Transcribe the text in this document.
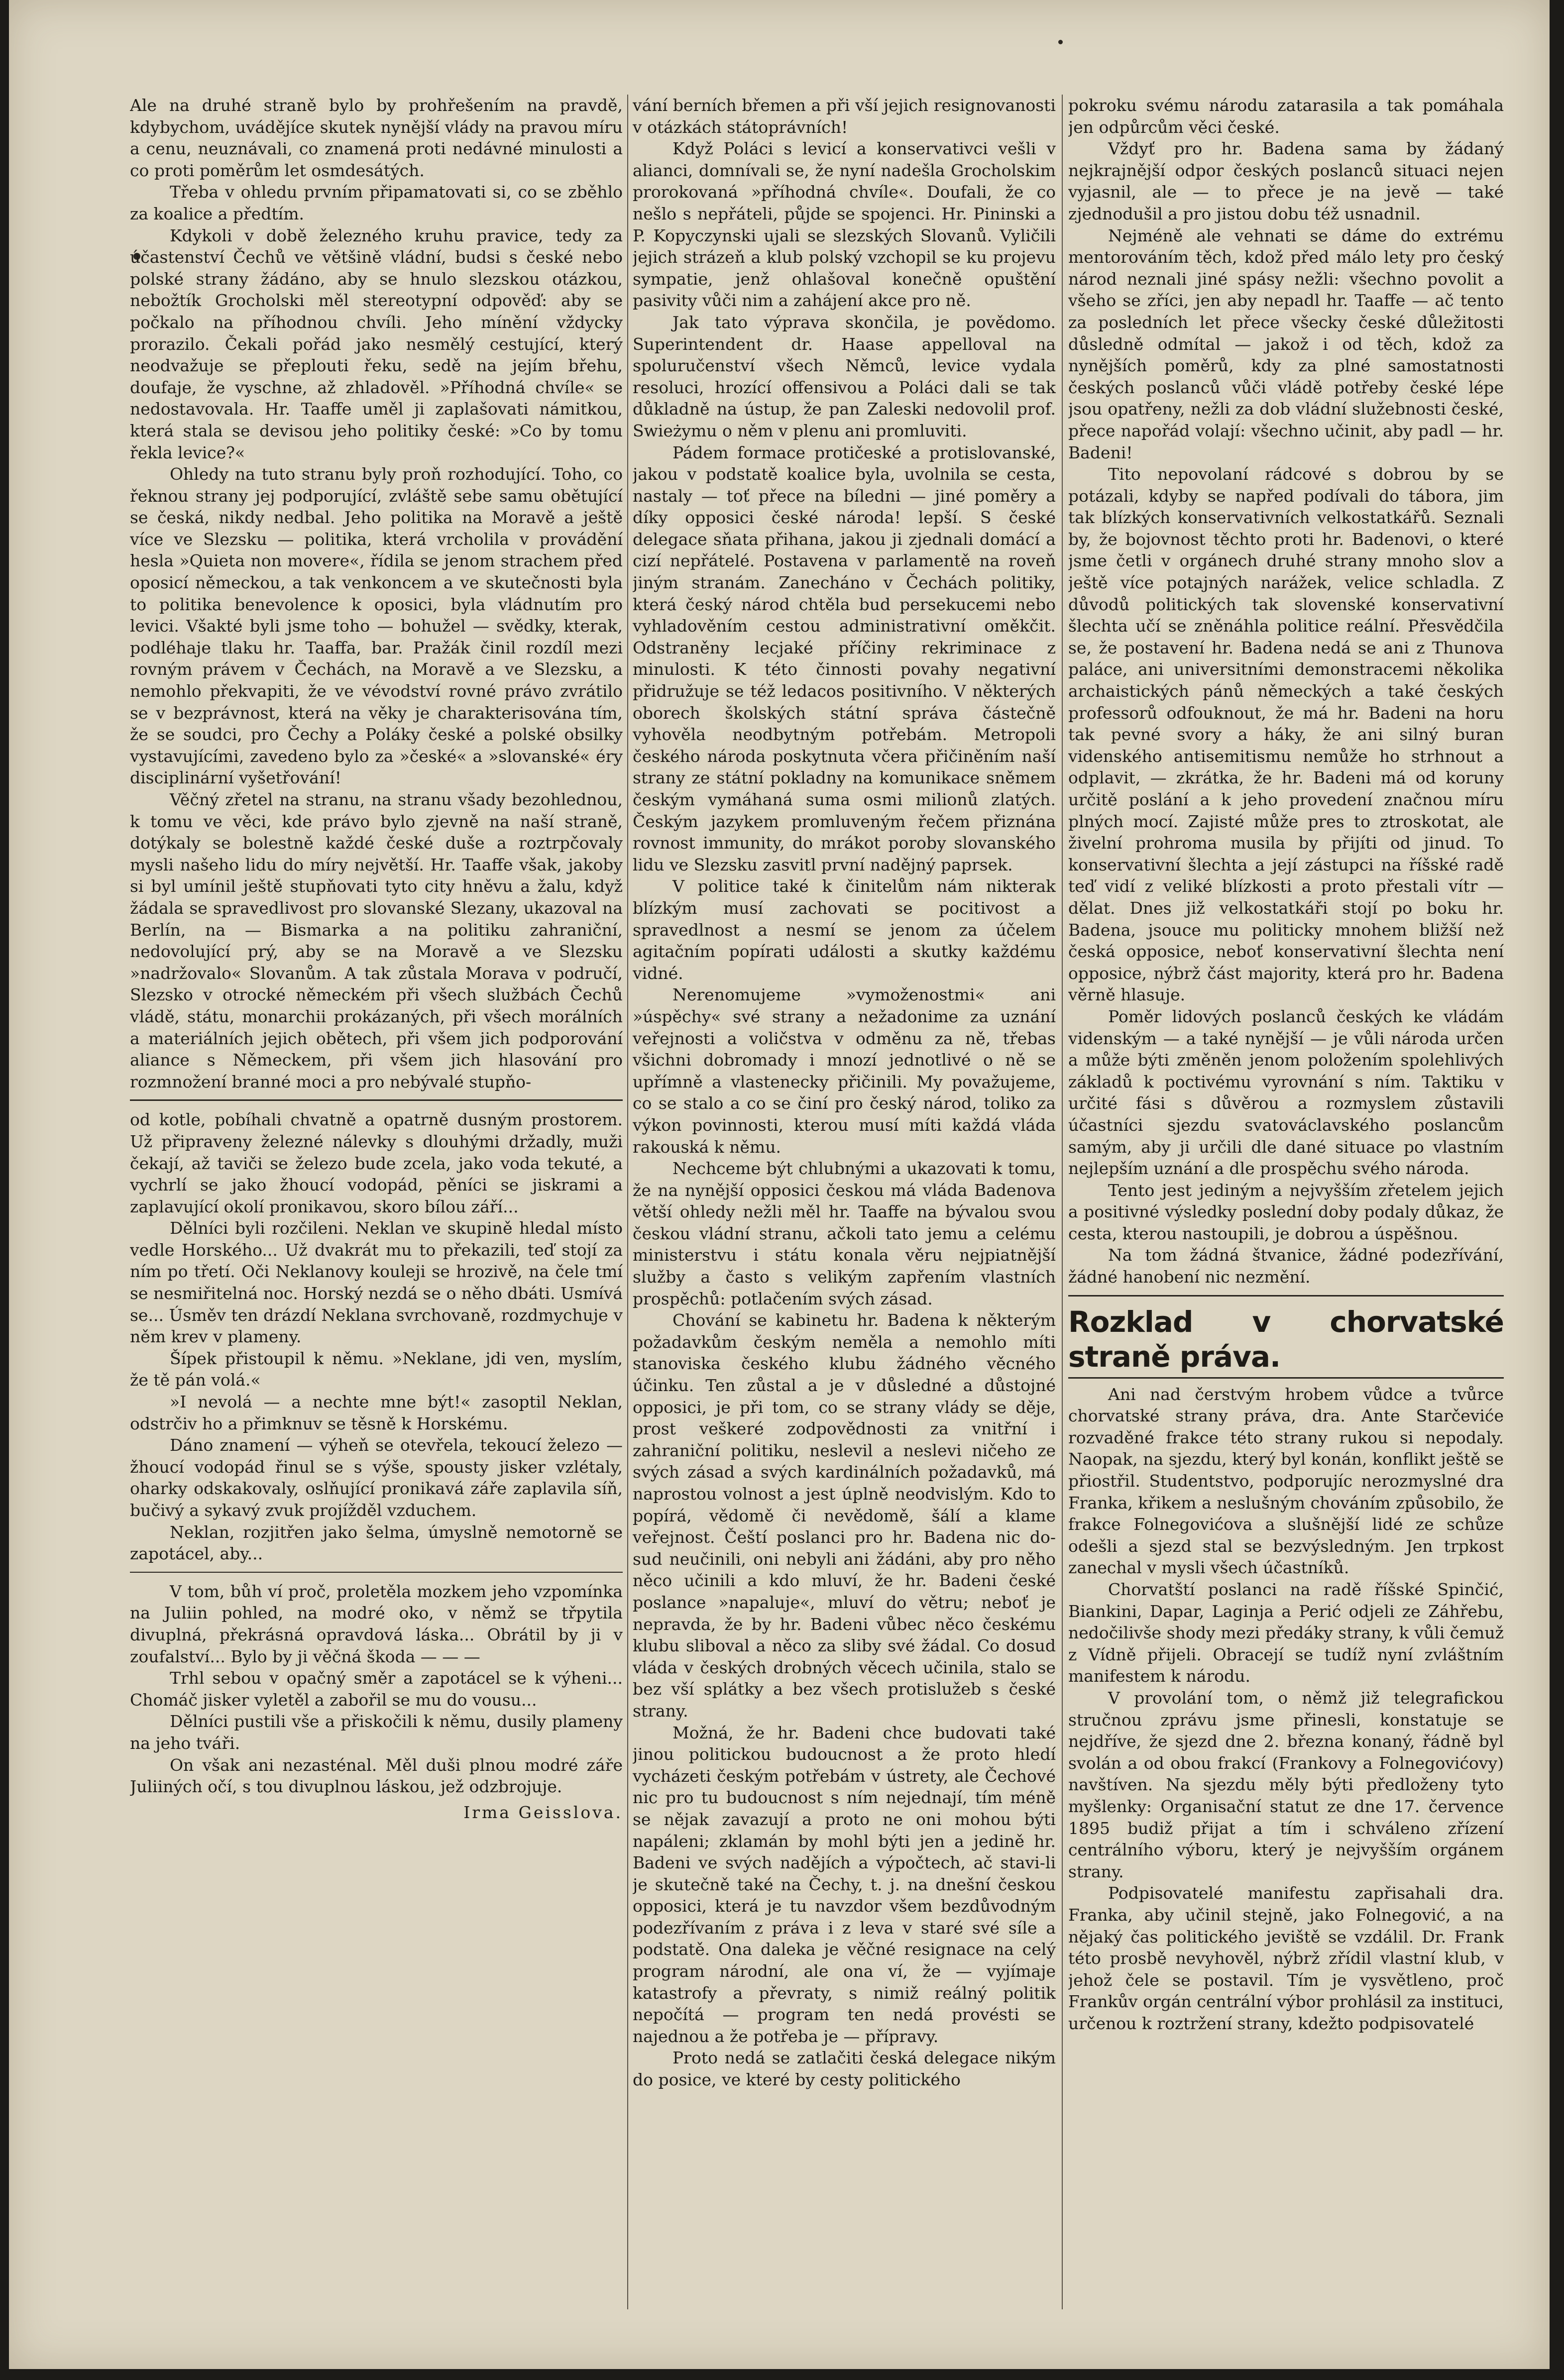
Ale na druhé straně bylo by prohřešením na pravdě, kdybychom, uvádějíce skutek nynější vlády na pravou míru a cenu, neuznávali, co znamená proti nedávné minulosti a co proti poměrům let osmdesátých.

Třeba v ohledu prvním připamatovati si, co se zběhlo za koalice a předtím.

Kdykoli v době železného kruhu pravice, tedy za účastenství Čechů ve většině vládní, budsi s české nebo polské strany žádáno, aby se hnulo slezskou otázkou, nebožtík Grocholski měl stereotypní odpověď: aby se počkalo na příhodnou chvíli. Jeho mínění vždycky prorazilo. Čekali pořád jako nesmělý cestující, který neodvažuje se přeplouti řeku, sedě na jejím břehu, doufaje, že vyschne, až zhladověl. »Příhodná chvíle« se nedostavovala. Hr. Taaffe uměl ji zaplašovati námitkou, která stala se devisou jeho politiky české: »Co by tomu řekla levice?«

Ohledy na tuto stranu byly proň rozhodující. Toho, co řeknou strany jej podporující, zvláště sebe samu obětující se česká, nikdy nedbal. Jeho politika na Moravě a ještě více ve Slezsku — politika, která vrcholila v provádění hesla »Quieta non movere«, řídila se jenom strachem před oposicí německou, a tak venkoncem a ve skutečnosti byla to politika benevolence k oposici, byla vládnutím pro levici. Všakté byli jsme toho — bohužel — svědky, kterak, podléhaje tlaku hr. Taaffa, bar. Pražák činil rozdíl mezi rovným právem v Čechách, na Moravě a ve Slezsku, a nemohlo překvapiti, že ve vévodství rovné právo zvrátilo se v bezprávnost, která na věky je charakterisována tím, že se soudci, pro Čechy a Poláky české a polské obsilky vystavujícími, zavedeno bylo za »české« a »slovanské« éry disciplinární vyšetřování!

Věčný zřetel na stranu, na stranu všady bezohlednou, k tomu ve věci, kde právo bylo zjevně na naší straně, dotýkaly se bolestně každé české duše a roztrpčovaly mysli našeho lidu do míry největší. Hr. Taaffe však, jakoby si byl umínil ještě stupňovati tyto city hněvu a žalu, když žádala se spravedlivost pro slovanské Slezany, ukazoval na Berlín, na — Bismarka a na politiku zahraniční, nedovolující prý, aby se na Moravě a ve Slezsku »nadržovalo« Slovanům. A tak zůstala Morava v područí, Slezsko v otrocké německém při všech službách Čechů vládě, státu, monarchii prokázaných, při všech morálních a materiálních jejich obětech, při všem jich podporování aliance s Německem, při všem jich hlasování pro rozmnožení branné moci a pro nebývalé stupňo-

od kotle, pobíhali chvatně a opatrně dusným prostorem. Už připraveny železné nálevky s dlouhými držadly, muži čekají, až taviči se železo bude zcela, jako voda tekuté, a vychrlí se jako žhoucí vodopád, pěníci se jiskrami a zaplavující okolí pronikavou, skoro bílou září...

Dělníci byli rozčileni. Neklan ve skupině hledal místo vedle Horského... Už dvakrát mu to překazili, teď stojí za ním po třetí. Oči Neklanovy kouleji se hrozivě, na čele tmí se nesmiřitelná noc. Horský nezdá se o něho dbáti. Usmívá se... Úsměv ten drázdí Neklana svrchovaně, rozdmychuje v něm krev v plameny.

Šípek přistoupil k němu. »Neklane, jdi ven, myslím, že tě pán volá.«

»I nevolá — a nechte mne být!« zasoptil Neklan, odstrčiv ho a přimknuv se těsně k Horskému.

Dáno znamení — výheň se otevřela, tekoucí železo — žhoucí vodopád řinul se s výše, spousty jisker vzlétaly, oharky odskakovaly, oslňující pronikavá záře zaplavila síň, bučivý a sykavý zvuk projížděl vzduchem.

Neklan, rozjitřen jako šelma, úmyslně nemotorně se zapotácel, aby...

V tom, bůh ví proč, proletěla mozkem jeho vzpomínka na Juliin pohled, na modré oko, v němž se třpytila divuplná, překrásná opravdová láska... Obrátil by ji v zoufalství... Bylo by ji věčná škoda — — —

Trhl sebou v opačný směr a zapotácel se k výheni... Chomáč jisker vyletěl a zabořil se mu do vousu...

Dělníci pustili vše a přiskočili k němu, dusily plameny na jeho tváři.

On však ani nezasténal. Měl duši plnou modré záře Juliiných očí, s tou divuplnou láskou, jež odzbrojuje.

Irma Geisslova.

vání berních břemen a při vší jejich resignovanosti v otázkách státoprávních!

Když Poláci s levicí a konservativci vešli v alianci, domnívali se, že nyní nadešla Grocholskim prorokovaná »příhodná chvíle«. Doufali, že co nešlo s nepřáteli, půjde se spojenci. Hr. Pininski a P. Kopyczynski ujali se slezských Slovanů. Vyličili jejich strázeň a klub polský vzchopil se ku projevu sympatie, jenž ohlašoval konečně opuštění pasivity vůči nim a zahájení akce pro ně.

Jak tato výprava skončila, je povědomo. Superintendent dr. Haase appelloval na spoluručenství všech Němců, levice vydala resoluci, hrozící offensivou a Poláci dali se tak důkladně na ústup, že pan Zaleski nedovolil prof. Swieżymu o něm v plenu ani promluviti.

Pádem formace protičeské a protislovanské, jakou v podstatě koalice byla, uvolnila se cesta, nastaly — toť přece na bíledni — jiné poměry a díky opposici české národa! lepší. S české delegace sňata přihana, jakou ji zjednali domácí a cizí nepřátelé. Postavena v parlamentě na roveň jiným stranám. Zanecháno v Čechách politiky, která český národ chtěla bud persekucemi nebo vyhladověním cestou administrativní oměkčit. Odstraněny lecjaké příčiny rekriminace z minulosti. K této činnosti povahy negativní přidružuje se též ledacos positivního. V některých oborech školských státní správa částečně vyhověla neodbytným potřebám. Metropoli českého národa poskytnuta včera přičiněním naší strany ze státní pokladny na komunikace sněmem českým vymáhaná suma osmi milionů zlatých. Českým jazykem promluveným řečem přiznána rovnost immunity, do mrákot poroby slovanského lidu ve Slezsku zasvitl první nadějný paprsek.

V politice také k činitelům nám nikterak blízkým musí zachovati se pocitivost a spravedlnost a nesmí se jenom za účelem agitačním popírati události a skutky každému vidné.

Nerenomujeme »vymoženostmi« ani »úspěchy« své strany a nežadonime za uznání veřejnosti a voličstva v odměnu za ně, třebas všichni dobromady i mnozí jednotlivé o ně se upřímně a vlastenecky přičinili. My považujeme, co se stalo a co se činí pro český národ, toliko za výkon povinnosti, kterou musí míti každá vláda rakouská k němu.

Nechceme být chlubnými a ukazovati k tomu, že na nynější opposici českou má vláda Badenova větší ohledy nežli měl hr. Taaffe na bývalou svou českou vládní stranu, ačkoli tato jemu a celému ministerstvu i státu konala věru nejpiatnější služby a často s velikým zapřením vlastních prospěchů: potlačením svých zásad.

Chování se kabinetu hr. Badena k některým požadavkům českým neměla a nemohlo míti stanoviska českého klubu žádného věcného účinku. Ten zůstal a je v důsledné a důstojné opposici, je při tom, co se strany vlády se děje, prost veškeré zodpovědnosti za vnitřní i zahraniční politiku, neslevil a neslevi ničeho ze svých zásad a svých kardinálních požadavků, má naprostou volnost a jest úplně neodvislým. Kdo to popírá, vědomě či nevědomě, šálí a klame veřejnost. Čeští poslanci pro hr. Badena nic do-sud neučinili, oni nebyli ani žádáni, aby pro něho něco učinili a kdo mluví, že hr. Badeni české poslance »napaluje«, mluví do větru; neboť je nepravda, že by hr. Badeni vůbec něco českému klubu sliboval a něco za sliby své žádal. Co dosud vláda v českých drobných věcech učinila, stalo se bez vší splátky a bez všech protislužeb s české strany.

Možná, že hr. Badeni chce budovati také jinou politickou budoucnost a že proto hledí vycházeti českým potřebám v ústrety, ale Čechové nic pro tu budoucnost s ním nejednají, tím méně se nějak zavazují a proto ne oni mohou býti napáleni; zklamán by mohl býti jen a jedině hr. Badeni ve svých nadějích a výpočtech, ač stavi-li je skutečně také na Čechy, t. j. na dnešní českou opposici, která je tu navzdor všem bezdůvodným podezřívaním z práva i z leva v staré své síle a podstatě. Ona daleka je věčné resignace na celý program národní, ale ona ví, že — vyjímaje katastrofy a převraty, s nimiž reálný politik nepočítá — program ten nedá provésti se najednou a že potřeba je — přípravy.

Proto nedá se zatlačiti česká delegace nikým do posice, ve které by cesty politického

pokroku svému národu zatarasila a tak pomáhala jen odpůrcům věci české.

Vždyť pro hr. Badena sama by žádaný nejkrajnější odpor českých poslanců situaci nejen vyjasnil, ale — to přece je na jevě — také zjednodušil a pro jistou dobu též usnadnil.

Nejméně ale vehnati se dáme do extrému mentorováním těch, kdož před málo lety pro český národ neznali jiné spásy nežli: všechno povolit a všeho se zříci, jen aby nepadl hr. Taaffe — ač tento za posledních let přece všecky české důležitosti důsledně odmítal — jakož i od těch, kdož za nynějších poměrů, kdy za plné samostatnosti českých poslanců vůči vládě potřeby české lépe jsou opatřeny, nežli za dob vládní služebnosti české, přece napořád volají: všechno učinit, aby padl — hr. Badeni!

Tito nepovolaní rádcové s dobrou by se potázali, kdyby se napřed podívali do tábora, jim tak blízkých konservativních velkostatkářů. Seznali by, že bojovnost těchto proti hr. Badenovi, o které jsme četli v orgánech druhé strany mnoho slov a ještě více potajných narážek, velice schladla. Z důvodů politických tak slovenské konservativní šlechta učí se zněnáhla politice reální. Přesvědčila se, že postavení hr. Badena nedá se ani z Thunova paláce, ani universitními demonstracemi několika archaistických pánů německých a také českých professorů odfouknout, že má hr. Badeni na horu tak pevné svory a háky, že ani silný buran videnského antisemitismu nemůže ho strhnout a odplavit, — zkrátka, že hr. Badeni má od koruny určitě poslání a k jeho provedení značnou míru plných mocí. Zajisté může pres to ztroskotat, ale živelní prohroma musila by přijíti od jinud. To konservativní šlechta a její zástupci na říšské radě teď vidí z veliké blízkosti a proto přestali vítr — dělat. Dnes již velkostatkáři stojí po boku hr. Badena, jsouce mu politicky mnohem bližší než česká opposice, neboť konservativní šlechta není opposice, nýbrž část majority, která pro hr. Badena věrně hlasuje.

Poměr lidových poslanců českých ke vládám videnským — a také nynější — je vůli národa určen a může býti změněn jenom položením spolehlivých základů k poctivému vyrovnání s ním. Taktiku v určité fási s důvěrou a rozmyslem zůstavili účastníci sjezdu svatováclavského poslancům samým, aby ji určili dle dané situace po vlastním nejlepším uznání a dle prospěchu svého národa.

Tento jest jediným a nejvyšším zřetelem jejich a positivné výsledky poslední doby podaly důkaz, že cesta, kterou nastoupili, je dobrou a úspěšnou.

Na tom žádná štvanice, žádné podezřívání, žádné hanobení nic nezmění.

Rozklad v chorvatské straně práva.

Ani nad čerstvým hrobem vůdce a tvůrce chorvatské strany práva, dra. Ante Starčeviće rozvaděné frakce této strany rukou si nepodaly. Naopak, na sjezdu, který byl konán, konflikt ještě se přiostřil. Studentstvo, podporujíc nerozmyslné dra Franka, křikem a neslušným chováním způsobilo, že frakce Folnegovićova a slušnější lidé ze schůze odešli a sjezd stal se bezvýsledným. Jen trpkost zanechal v mysli všech účastníků.

Chorvatští poslanci na radě říšské Spinčić, Biankini, Dapar, Laginja a Perić odjeli ze Záhřebu, nedočilivše shody mezi předáky strany, k vůli čemuž z Vídně přijeli. Obracejí se tudíž nyní zvláštním manifestem k národu.

V provolání tom, o němž již telegrafickou stručnou zprávu jsme přinesli, konstatuje se nejdříve, že sjezd dne 2. března konaný, řádně byl svolán a od obou frakcí (Frankovy a Folnegovićovy) navštíven. Na sjezdu měly býti předloženy tyto myšlenky: Organisační statut ze dne 17. července 1895 budiž přijat a tím i schváleno zřízení centrálního výboru, který je nejvyšším orgánem strany.

Podpisovatelé manifestu zapřisahali dra. Franka, aby učinil stejně, jako Folnegović, a na nějaký čas politického jeviště se vzdálil. Dr. Frank této prosbě nevyhověl, nýbrž zřídil vlastní klub, v jehož čele se postavil. Tím je vysvětleno, proč Frankův orgán centrální výbor prohlásil za instituci, určenou k roztržení strany, kdežto podpisovatelé
